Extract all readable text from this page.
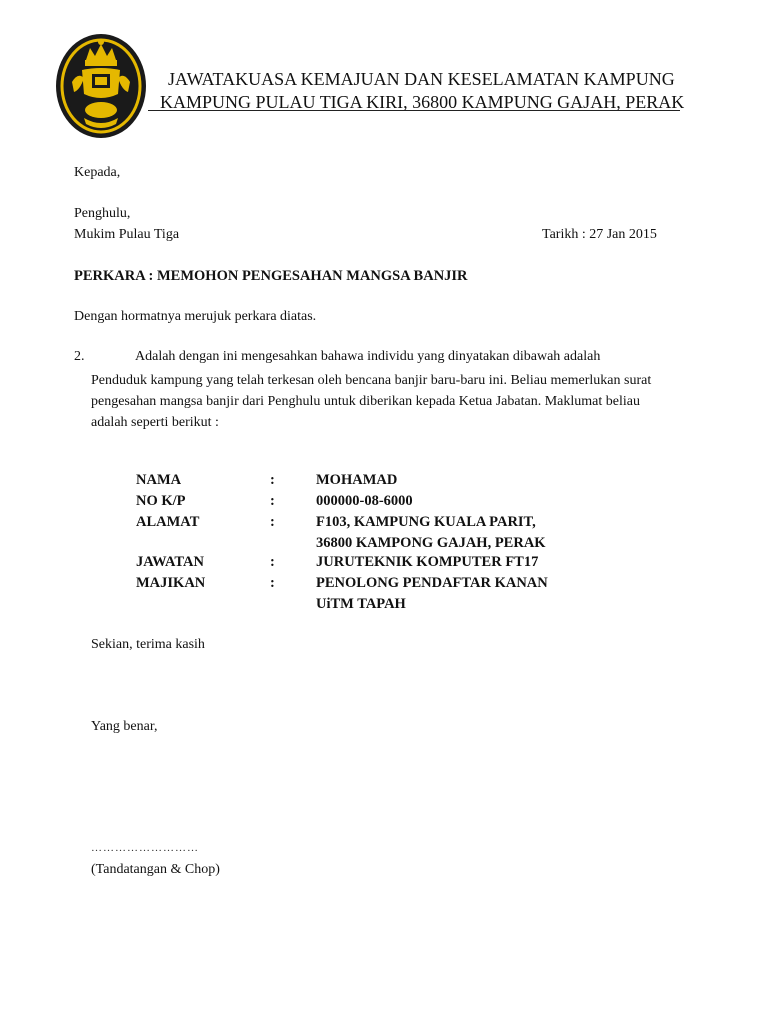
JAWATAKUASA KEMAJUAN DAN KESELAMATAN KAMPUNG
KAMPUNG PULAU TIGA KIRI, 36800 KAMPUNG GAJAH, PERAK
Kepada,
Penghulu,
Mukim Pulau Tiga	Tarikh : 27 Jan 2015
PERKARA : MEMOHON PENGESAHAN MANGSA BANJIR
Dengan hormatnya merujuk perkara diatas.
2.	Adalah dengan ini mengesahkan bahawa individu yang dinyatakan dibawah adalah
Penduduk kampung yang telah terkesan oleh bencana banjir baru-baru ini. Beliau memerlukan surat pengesahan mangsa banjir dari Penghulu untuk diberikan kepada Ketua Jabatan. Maklumat beliau adalah seperti berikut :
NAMA	:	MOHAMAD
NO K/P	:	000000-08-6000
ALAMAT	:	F103, KAMPUNG KUALA PARIT,
36800 KAMPONG GAJAH, PERAK
JAWATAN	:	JURUTEKNIK KOMPUTER FT17
MAJIKAN	:	PENOLONG PENDAFTAR KANAN
UiTM TAPAH
Sekian, terima kasih
Yang benar,
………………………
(Tandatangan & Chop)
